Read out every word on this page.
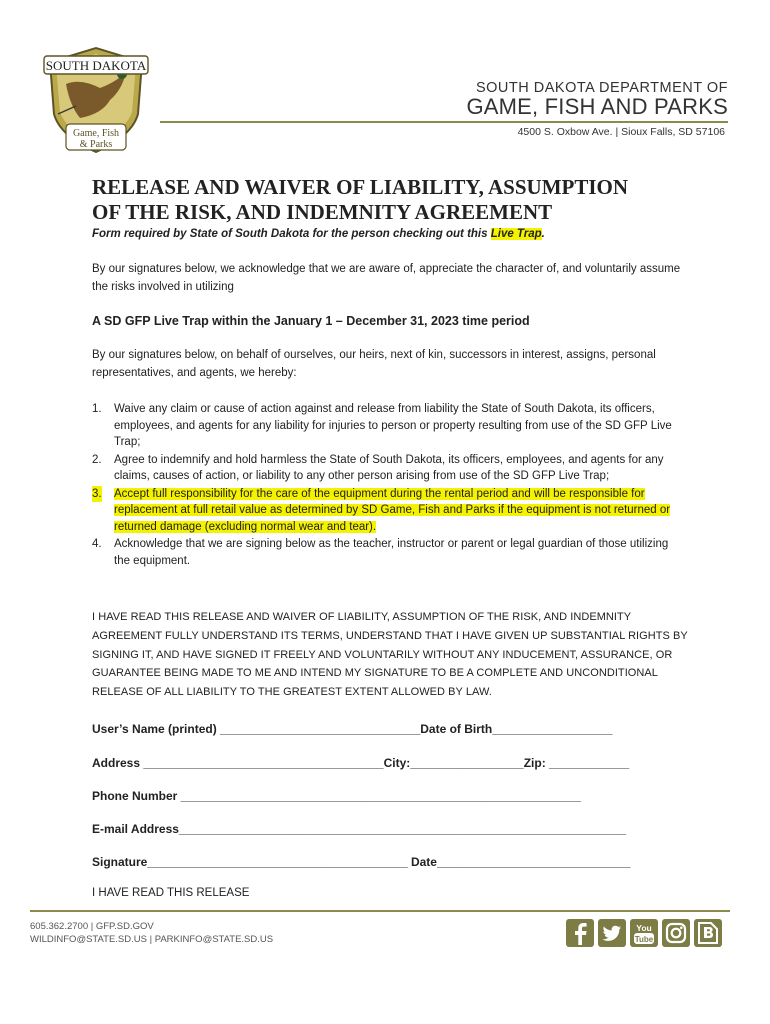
SOUTH DAKOTA
Game, Fish
& Parks
SOUTH DAKOTA DEPARTMENT OF
GAME, FISH AND PARKS
4500 S. Oxbow Ave. | Sioux Falls, SD 57106
RELEASE AND WAIVER OF LIABILITY, ASSUMPTION
OF THE RISK, AND INDEMNITY AGREEMENT
Form required by State of South Dakota for the person checking out this Live Trap.
By our signatures below, we acknowledge that we are aware of, appreciate the character of, and voluntarily assume the risks involved in utilizing
A SD GFP Live Trap within the January 1 – December 31, 2023 time period
By our signatures below, on behalf of ourselves, our heirs, next of kin, successors in interest, assigns, personal representatives, and agents, we hereby:
1. Waive any claim or cause of action against and release from liability the State of South Dakota, its officers, employees, and agents for any liability for injuries to person or property resulting from use of the SD GFP Live Trap;
2. Agree to indemnify and hold harmless the State of South Dakota, its officers, employees, and agents for any claims, causes of action, or liability to any other person arising from use of the SD GFP Live Trap;
3. Accept full responsibility for the care of the equipment during the rental period and will be responsible for replacement at full retail value as determined by SD Game, Fish and Parks if the equipment is not returned or returned damage (excluding normal wear and tear).
4. Acknowledge that we are signing below as the teacher, instructor or parent or legal guardian of those utilizing the equipment.
I HAVE READ THIS RELEASE AND WAIVER OF LIABILITY, ASSUMPTION OF THE RISK, AND INDEMNITY AGREEMENT FULLY UNDERSTAND ITS TERMS, UNDERSTAND THAT I HAVE GIVEN UP SUBSTANTIAL RIGHTS BY SIGNING IT, AND HAVE SIGNED IT FREELY AND VOLUNTARILY WITHOUT ANY INDUCEMENT, ASSURANCE, OR GUARANTEE BEING MADE TO ME AND INTEND MY SIGNATURE TO BE A COMPLETE AND UNCONDITIONAL RELEASE OF ALL LIABILITY TO THE GREATEST EXTENT ALLOWED BY LAW.
User’s Name (printed) ______________________________Date of Birth__________________
Address ____________________________________City:_________________Zip: ____________
Phone Number ____________________________________________________________
E-mail Address___________________________________________________________________
Signature_______________________________________ Date_____________________________
I HAVE READ THIS RELEASE
605.362.2700 | GFP.SD.GOV
WILDINFO@STATE.SD.US | PARKINFO@STATE.SD.US
You
Tube
